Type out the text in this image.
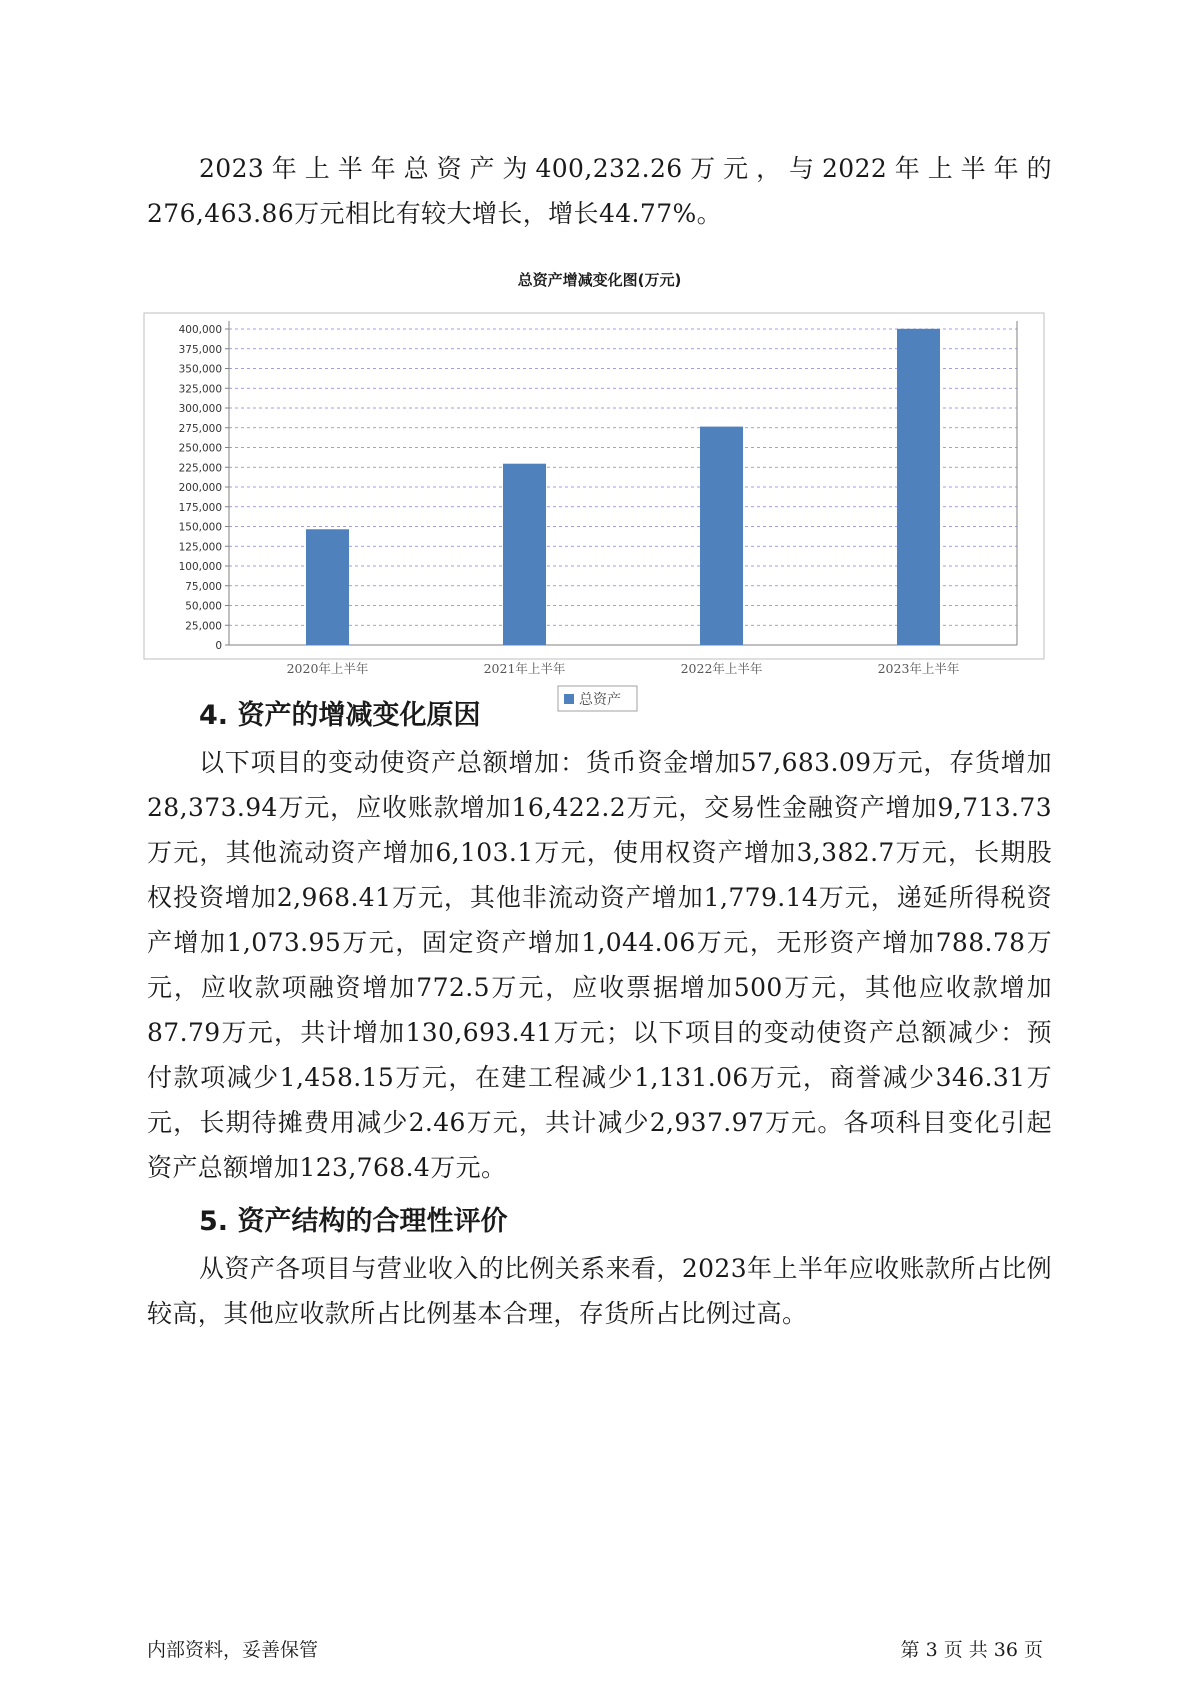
2023年上半年总资产为400,232.26万元，与2022年上半年的276,463.86万元相比有较大增长，增长44.77%。

总资产增减变化图(万元)
0
25,000
50,000
75,000
100,000
125,000
150,000
175,000
200,000
225,000
250,000
275,000
300,000
325,000
350,000
375,000
400,000
2020年上半年	2021年上半年	2022年上半年	2023年上半年
总资产
4. 资产的增减变化原因

以下项目的变动使资产总额增加：货币资金增加57,683.09万元，存货增加28,373.94万元，应收账款增加16,422.2万元，交易性金融资产增加9,713.73万元，其他流动资产增加6,103.1万元，使用权资产增加3,382.7万元，长期股权投资增加2,968.41万元，其他非流动资产增加1,779.14万元，递延所得税资产增加1,073.95万元，固定资产增加1,044.06万元，无形资产增加788.78万元，应收款项融资增加772.5万元，应收票据增加500万元，其他应收款增加87.79万元，共计增加130,693.41万元；以下项目的变动使资产总额减少：预付款项减少1,458.15万元，在建工程减少1,131.06万元，商誉减少346.31万元，长期待摊费用减少2.46万元，共计减少2,937.97万元。各项科目变化引起资产总额增加123,768.4万元。

5. 资产结构的合理性评价

从资产各项目与营业收入的比例关系来看，2023年上半年应收账款所占比例较高，其他应收款所占比例基本合理，存货所占比例过高。

内部资料，妥善保管	第 3 页 共 36 页
